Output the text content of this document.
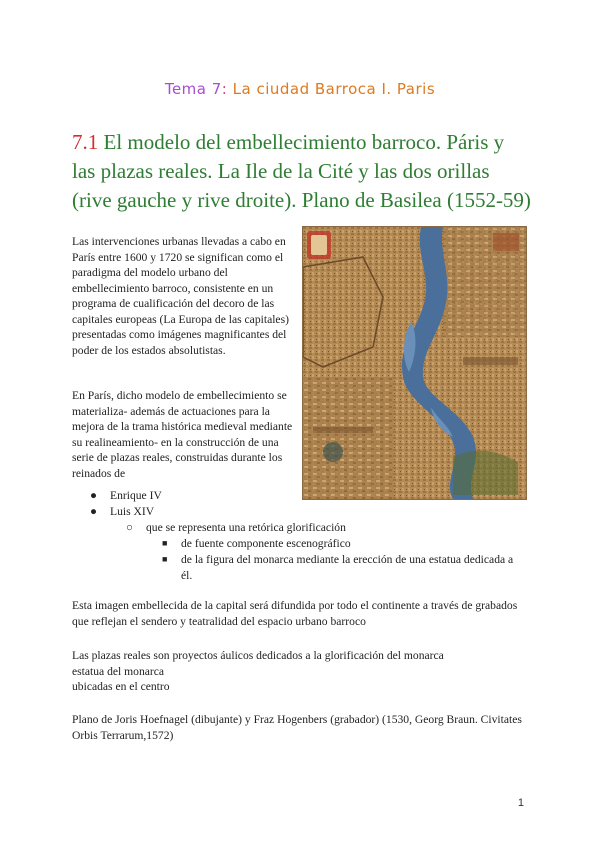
Tema 7: La ciudad Barroca I. Paris
7.1 El modelo del embellecimiento barroco. Páris y las plazas reales. La Ile de la Cité y las dos orillas (rive gauche y rive droite). Plano de Basilea (1552-59)

Las intervenciones urbanas llevadas a cabo en París entre 1600 y 1720 se significan como el paradigma del modelo urbano del embellecimiento barroco, consistente en un programa de cualificación del decoro de las capitales europeas (La Europa de las capitales) presentadas como imágenes magnificantes del poder de los estados absolutistas.

En París, dicho modelo de embellecimiento se materializa- además de actuaciones para la mejora de la trama histórica medieval mediante su realineamiento- en la construcción de una serie de plazas reales, construidas durante los reinados de

● Enrique IV
● Luis XIV
○ que se representa una retórica glorificación
■ de fuente componente escenográfico
■ de la figura del monarca mediante la erección de una estatua dedicada a él.

Esta imagen embellecida de la capital será difundida por todo el continente a través de grabados que reflejan el sendero y teatralidad del espacio urbano barroco

Las plazas reales son proyectos áulicos dedicados a la glorificación del monarca
estatua del monarca
ubicadas en el centro

Plano de Joris Hoefnagel (dibujante) y Fraz Hogenbers (grabador) (1530, Georg Braun. Civitates Orbis Terrarum,1572)

1
